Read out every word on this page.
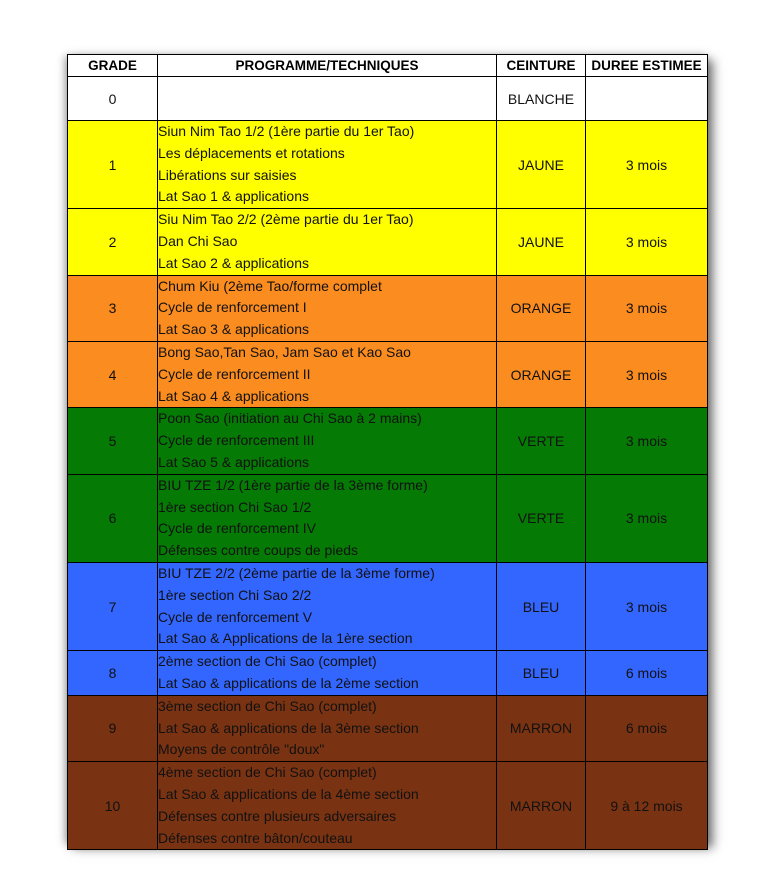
GRADE	PROGRAMME/TECHNIQUES	CEINTURE	DUREE ESTIMEE
0		BLANCHE	
1	Siun Nim Tao 1/2 (1ère partie du 1er Tao)
Les déplacements et rotations
Libérations sur saisies
Lat Sao 1 & applications	JAUNE	3 mois
2	Siu Nim Tao 2/2 (2ème partie du 1er Tao)
Dan Chi Sao
Lat Sao 2 & applications	JAUNE	3 mois
3	Chum Kiu (2ème Tao/forme complet
Cycle de renforcement I
Lat Sao 3 & applications	ORANGE	3 mois
4	Bong Sao,Tan Sao, Jam Sao et Kao Sao
Cycle de renforcement II
Lat Sao 4 & applications	ORANGE	3 mois
5	Poon Sao (initiation au Chi Sao à 2 mains)
Cycle de renforcement III
Lat Sao 5 & applications	VERTE	3 mois
6	BIU TZE 1/2 (1ère partie de la 3ème forme)
1ère section Chi Sao 1/2
Cycle de renforcement IV
Défenses contre coups de pieds	VERTE	3 mois
7	BIU TZE 2/2 (2ème partie de la 3ème forme)
1ère section Chi Sao 2/2
Cycle de renforcement V
Lat Sao & Applications de la 1ère section	BLEU	3 mois
8	2ème section de Chi Sao (complet)
Lat Sao & applications de la 2ème section	BLEU	6 mois
9	3ème section de Chi Sao (complet)
Lat Sao & applications de la 3ème section
Moyens de contrôle "doux"	MARRON	6 mois
10	4ème section de Chi Sao (complet)
Lat Sao & applications de la 4ème section
Défenses contre plusieurs adversaires
Défenses contre bâton/couteau	MARRON	9 à 12 mois
